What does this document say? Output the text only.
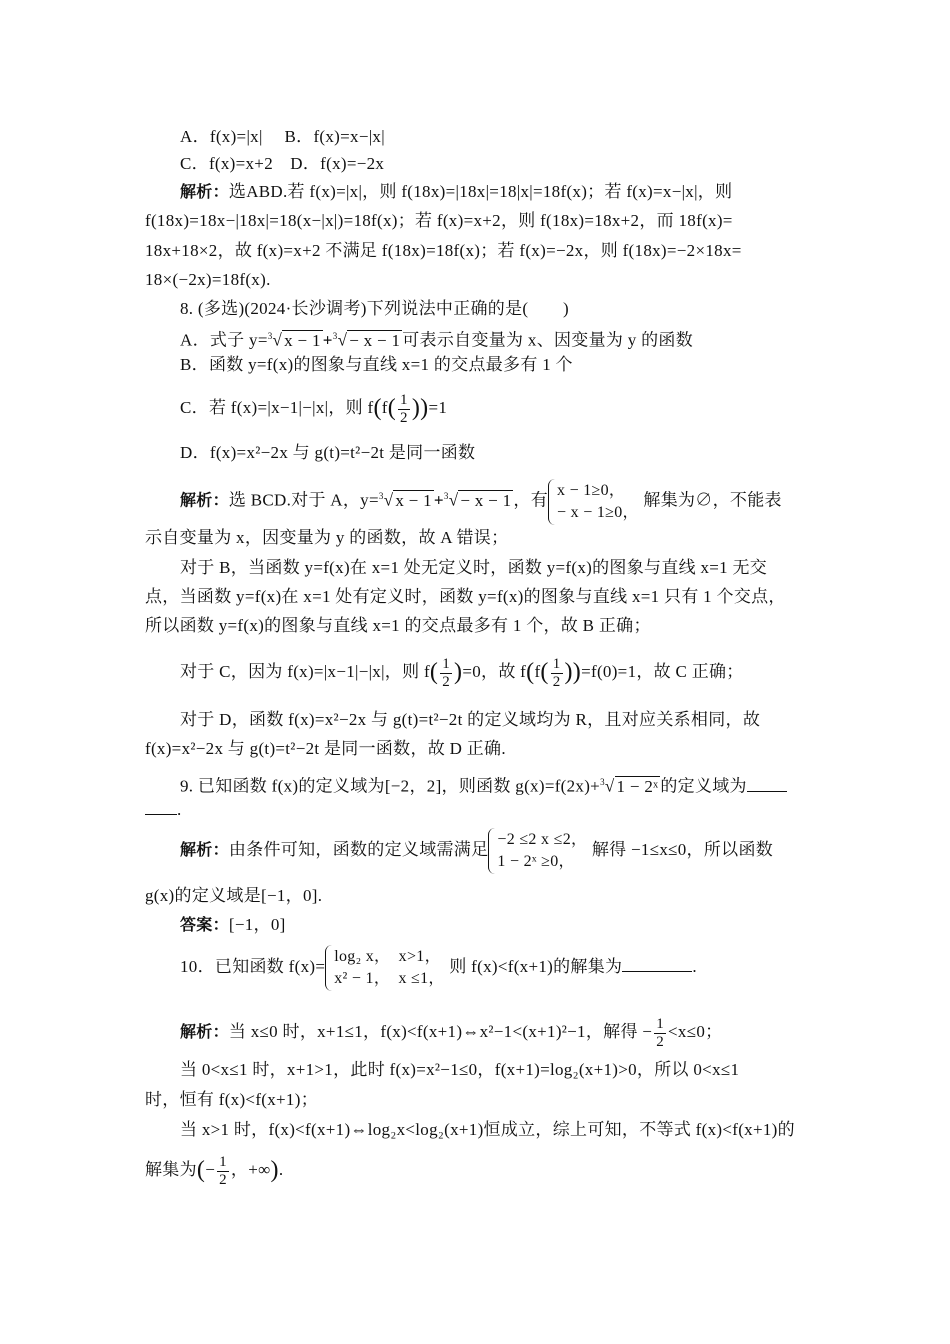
A．f(x)=|x|　 B．f(x)=x−|x|
C．f(x)=x+2　D．f(x)=−2x
解析：选ABD.若 f(x)=|x|，则 f(18x)=|18x|=18|x|=18f(x)；若 f(x)=x−|x|，则
f(18x)=18x−|18x|=18(x−|x|)=18f(x)；若 f(x)=x+2，则 f(18x)=18x+2，而 18f(x)=
18x+18×2，故 f(x)=x+2 不满足 f(18x)=18f(x)；若 f(x)=−2x，则 f(18x)=−2×18x=
18×(−2x)=18f(x).
8. (多选)(2024·长沙调考)下列说法中正确的是(　　)
A．式子 y=$^3$√ x − 1 +$^3$√ − x − 1 可表示自变量为 x、因变量为 y 的函数
B．函数 y=f(x)的图象与直线 x=1 的交点最多有 1 个
C．若 f(x)=|x−1|−|x|，则 $f(f( \frac{1}{2} ))=1$
D．f(x)=x²−2x 与 g(t)=t²−2t 是同一函数
解析：选 BCD.对于 A，y=$^3$√ x − 1 +$^3$√ − x − 1 ，有
x − 1≥0，
− x − 1≥0，
解集为∅，不能表
示自变量为 x，因变量为 y 的函数，故 A 错误；
对于 B，当函数 y=f(x)在 x=1 处无定义时，函数 y=f(x)的图象与直线 x=1 无交
点，当函数 y=f(x)在 x=1 处有定义时，函数 y=f(x)的图象与直线 x=1 只有 1 个交点，
所以函数 y=f(x)的图象与直线 x=1 的交点最多有 1 个，故 B 正确；
对于 C，因为 f(x)=|x−1|−|x|，则 $f( \frac{1}{2} )=0$，故 $f(f( \frac{1}{2} ))=f(0)=1$，故 C 正确；
对于 D，函数 f(x)=x²−2x 与 g(t)=t²−2t 的定义域均为 R，且对应关系相同，故
f(x)=x²−2x 与 g(t)=t²−2t 是同一函数，故 D 正确.
9. 已知函数 f(x)的定义域为[−2，2]，则函数 g(x)=f(2x)+$^3$√ 1 − 2ˣ 的定义域为
.
解析：由条件可知，函数的定义域需满足
−2 ≤2 x ≤2，
1 − 2ˣ ≥0，
解得 −1≤x≤0，所以函数
g(x)的定义域是[−1，0].
答案：[−1，0]
10．已知函数 f(x)=
log₂ x，　x>1，
x² − 1，　x ≤1，
则 f(x)<f(x+1)的解集为	.
解析：当 x≤0 时，x+1≤1，f(x)<f(x+1)⇔x²−1<(x+1)²−1，解得 − $\frac{1}{2} <x\le 0$；
当 0<x≤1 时，x+1>1，此时 f(x)=x²−1≤0，f(x+1)=log₂(x+1)>0，所以 0<x≤1
时，恒有 f(x)<f(x+1)；
当 x>1 时，f(x)<f(x+1)⇔log₂x<log₂(x+1)恒成立，综上可知，不等式 f(x)<f(x+1)的
解集为(− $\frac{1}{2}$ ，+∞).
